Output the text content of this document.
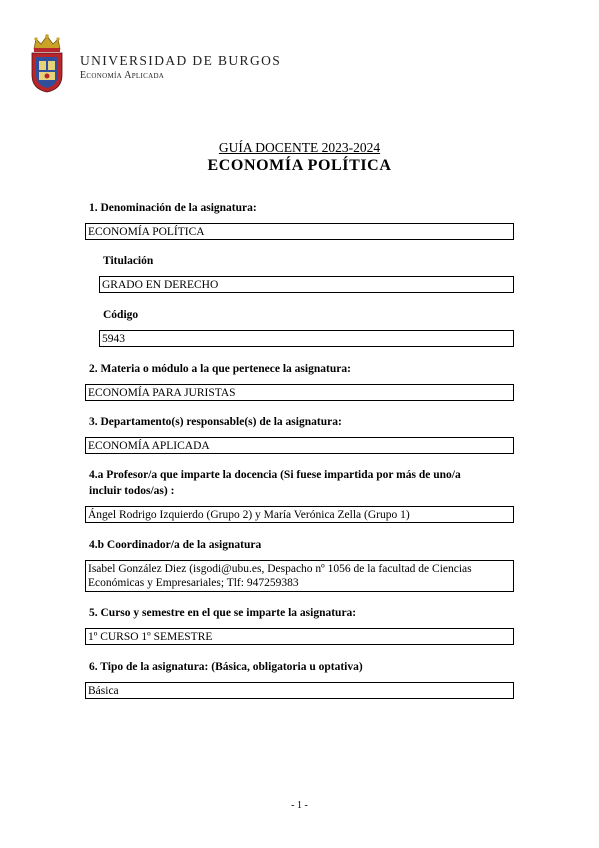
UNIVERSIDAD DE BURGOS
Economía Aplicada
GUÍA DOCENTE 2023-2024
ECONOMÍA POLÍTICA
1. Denominación de la asignatura:
ECONOMÍA POLÍTICA
Titulación
GRADO EN DERECHO
Código
5943
2. Materia o módulo a la que pertenece la asignatura:
ECONOMÍA PARA JURISTAS
3. Departamento(s) responsable(s) de la asignatura:
ECONOMÍA APLICADA
4.a Profesor/a que imparte la docencia (Si fuese impartida por más de uno/a
incluir todos/as) :
Ángel Rodrigo Izquierdo (Grupo 2) y María Verónica Zella (Grupo 1)
4.b Coordinador/a de la asignatura
Isabel González Diez (isgodi@ubu.es, Despacho nº 1056 de la facultad de Ciencias
Económicas y Empresariales; Tlf: 947259383
5. Curso y semestre en el que se imparte la asignatura:
1º CURSO 1º SEMESTRE
6. Tipo de la asignatura: (Básica, obligatoria u optativa)
Básica
- 1 -
